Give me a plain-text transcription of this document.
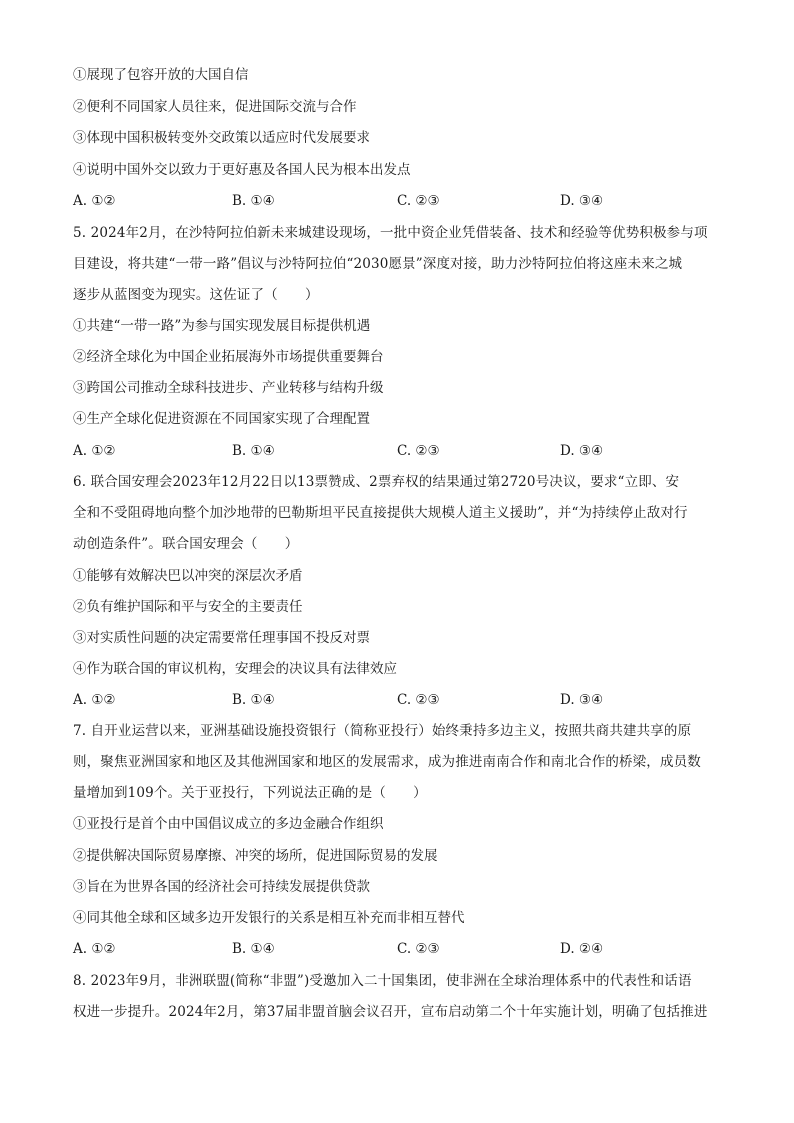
①展现了包容开放的大国自信
②便利不同国家人员往来，促进国际交流与合作
③体现中国积极转变外交政策以适应时代发展要求
④说明中国外交以致力于更好惠及各国人民为根本出发点
A. ①②	B. ①④	C. ②③	D. ③④
5. 2024年2月，在沙特阿拉伯新未来城建设现场，一批中资企业凭借装备、技术和经验等优势积极参与项
目建设，将共建“一带一路”倡议与沙特阿拉伯“2030愿景”深度对接，助力沙特阿拉伯将这座未来之城
逐步从蓝图变为现实。这佐证了（　　）
①共建“一带一路”为参与国实现发展目标提供机遇
②经济全球化为中国企业拓展海外市场提供重要舞台
③跨国公司推动全球科技进步、产业转移与结构升级
④生产全球化促进资源在不同国家实现了合理配置
A. ①②	B. ①④	C. ②③	D. ③④
6. 联合国安理会2023年12月22日以13票赞成、2票弃权的结果通过第2720号决议，要求“立即、安
全和不受阻碍地向整个加沙地带的巴勒斯坦平民直接提供大规模人道主义援助”，并“为持续停止敌对行
动创造条件”。联合国安理会（　　）
①能够有效解决巴以冲突的深层次矛盾
②负有维护国际和平与安全的主要责任
③对实质性问题的决定需要常任理事国不投反对票
④作为联合国的审议机构，安理会的决议具有法律效应
A. ①②	B. ①④	C. ②③	D. ③④
7. 自开业运营以来，亚洲基础设施投资银行（简称亚投行）始终秉持多边主义，按照共商共建共享的原
则，聚焦亚洲国家和地区及其他洲国家和地区的发展需求，成为推进南南合作和南北合作的桥梁，成员数
量增加到109个。关于亚投行，下列说法正确的是（　　）
①亚投行是首个由中国倡议成立的多边金融合作组织
②提供解决国际贸易摩擦、冲突的场所，促进国际贸易的发展
③旨在为世界各国的经济社会可持续发展提供贷款
④同其他全球和区域多边开发银行的关系是相互补充而非相互替代
A. ①②	B. ①④	C. ②③	D. ②④
8. 2023年9月，非洲联盟(简称“非盟”)受邀加入二十国集团，使非洲在全球治理体系中的代表性和话语
权进一步提升。2024年2月，第37届非盟首脑会议召开，宣布启动第二个十年实施计划，明确了包括推进
